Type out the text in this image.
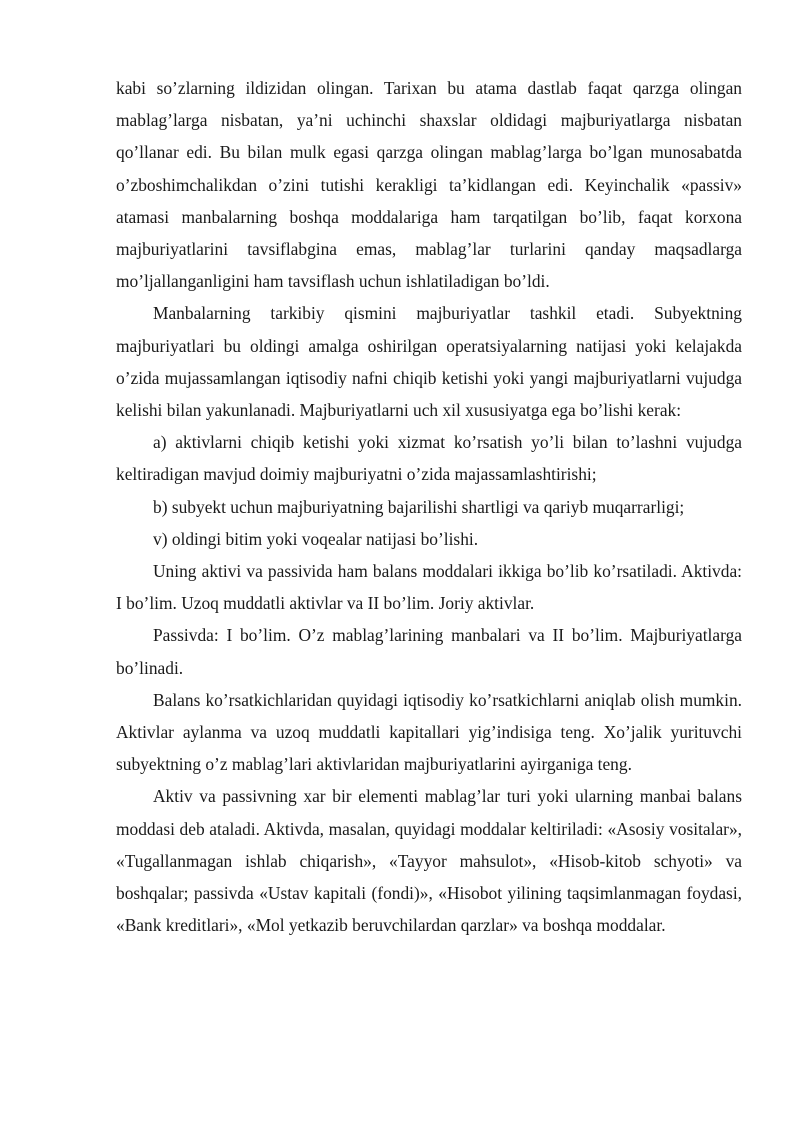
kabi so’zlarning ildizidan olingan. Tarixan bu atama dastlab faqat qarzga olingan mablag’larga nisbatan, ya’ni uchinchi shaxslar oldidagi majburiyatlarga nisbatan qo’llanar edi. Bu bilan mulk egasi qarzga olingan mablag’larga bo’lgan munosabatda o’zboshimchalikdan o’zini tutishi kerakligi ta’kidlangan edi. Keyinchalik «passiv» atamasi manbalarning boshqa moddalariga ham tarqatilgan bo’lib, faqat korxona majburiyatlarini tavsiflabgina emas, mablag’lar turlarini qanday maqsadlarga mo’ljallanganligini ham tavsiflash uchun ishlatiladigan bo’ldi.

Manbalarning tarkibiy qismini majburiyatlar tashkil etadi. Subyektning majburiyatlari bu oldingi amalga oshirilgan operatsiyalarning natijasi yoki kelajakda o’zida mujassamlangan iqtisodiy nafni chiqib ketishi yoki yangi majburiyatlarni vujudga kelishi bilan yakunlanadi. Majburiyatlarni uch xil xususiyatga ega bo’lishi kerak:

a) aktivlarni chiqib ketishi yoki xizmat ko’rsatish yo’li bilan to’lashni vujudga keltiradigan mavjud doimiy majburiyatni o’zida majassamlashtirishi;

b) subyekt uchun majburiyatning bajarilishi shartligi va qariyb muqarrarligi;

v) oldingi bitim yoki voqealar natijasi bo’lishi.

Uning aktivi va passivida ham balans moddalari ikkiga bo’lib ko’rsatiladi. Aktivda: I bo’lim. Uzoq muddatli aktivlar va II bo’lim. Joriy aktivlar.

Passivda: I bo’lim. O’z mablag’larining manbalari va II bo’lim. Majburiyatlarga bo’linadi.

Balans ko’rsatkichlaridan quyidagi iqtisodiy ko’rsatkichlarni aniqlab olish mumkin. Aktivlar aylanma va uzoq muddatli kapitallari yig’indisiga teng. Xo’jalik yurituvchi subyektning o’z mablag’lari aktivlaridan majburiyatlarini ayirganiga teng.

Aktiv va passivning xar bir elementi mablag’lar turi yoki ularning manbai balans moddasi deb ataladi. Aktivda, masalan, quyidagi moddalar keltiriladi: «Asosiy vositalar», «Tugallanmagan ishlab chiqarish», «Tayyor mahsulot», «Hisob-kitob schyoti» va boshqalar; passivda «Ustav kapitali (fondi)», «Hisobot yilining taqsimlanmagan foydasi, «Bank kreditlari», «Mol yetkazib beruvchilardan qarzlar» va boshqa moddalar.
